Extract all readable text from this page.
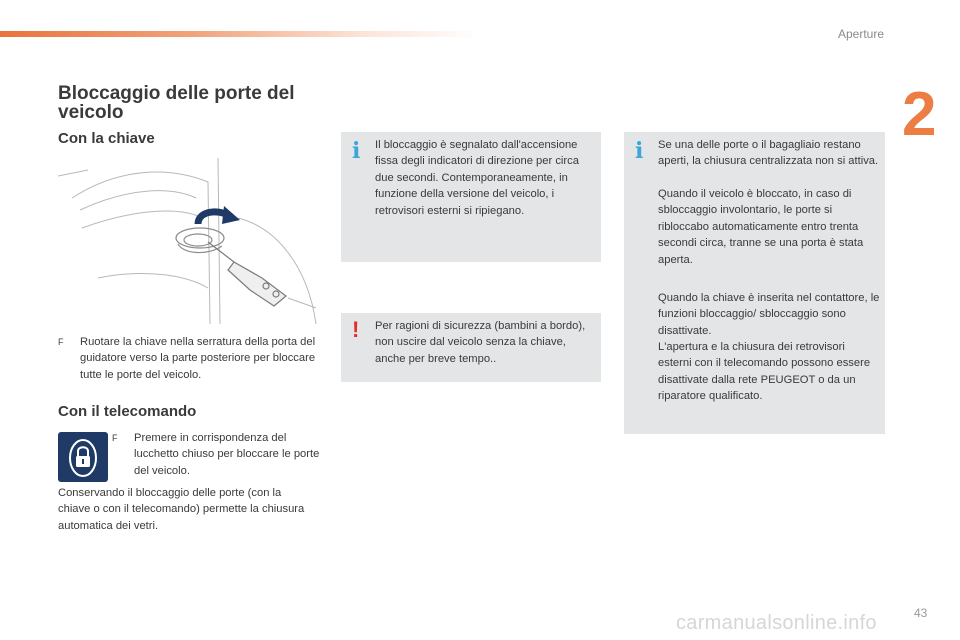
Aperture
2
43
Bloccaggio delle porte del veicolo
Con la chiave
F Ruotare la chiave nella serratura della porta del guidatore verso la parte posteriore per bloccare tutte le porte del veicolo.
Con il telecomando
F Premere in corrispondenza del lucchetto chiuso per bloccare le porte del veicolo.
Conservando il bloccaggio delle porte (con la chiave o con il telecomando) permette la chiusura automatica dei vetri.
i Il bloccaggio è segnalato dall'accensione fissa degli indicatori di direzione per circa due secondi. Contemporaneamente, in funzione della versione del veicolo, i retrovisori esterni si ripiegano.
! Per ragioni di sicurezza (bambini a bordo), non uscire dal veicolo senza la chiave, anche per breve tempo..
i Se una delle porte o il bagagliaio restano aperti, la chiusura centralizzata non si attiva.
Quando il veicolo è bloccato, in caso di sbloccaggio involontario, le porte si ribloccabo automaticamente entro trenta secondi circa, tranne se una porta è stata aperta.
Quando la chiave è inserita nel contattore, le funzioni bloccaggio/ sbloccaggio sono disattivate.
L'apertura e la chiusura dei retrovisori esterni con il telecomando possono essere disattivate dalla rete PEUGEOT o da un riparatore qualificato.
carmanualsonline.info
